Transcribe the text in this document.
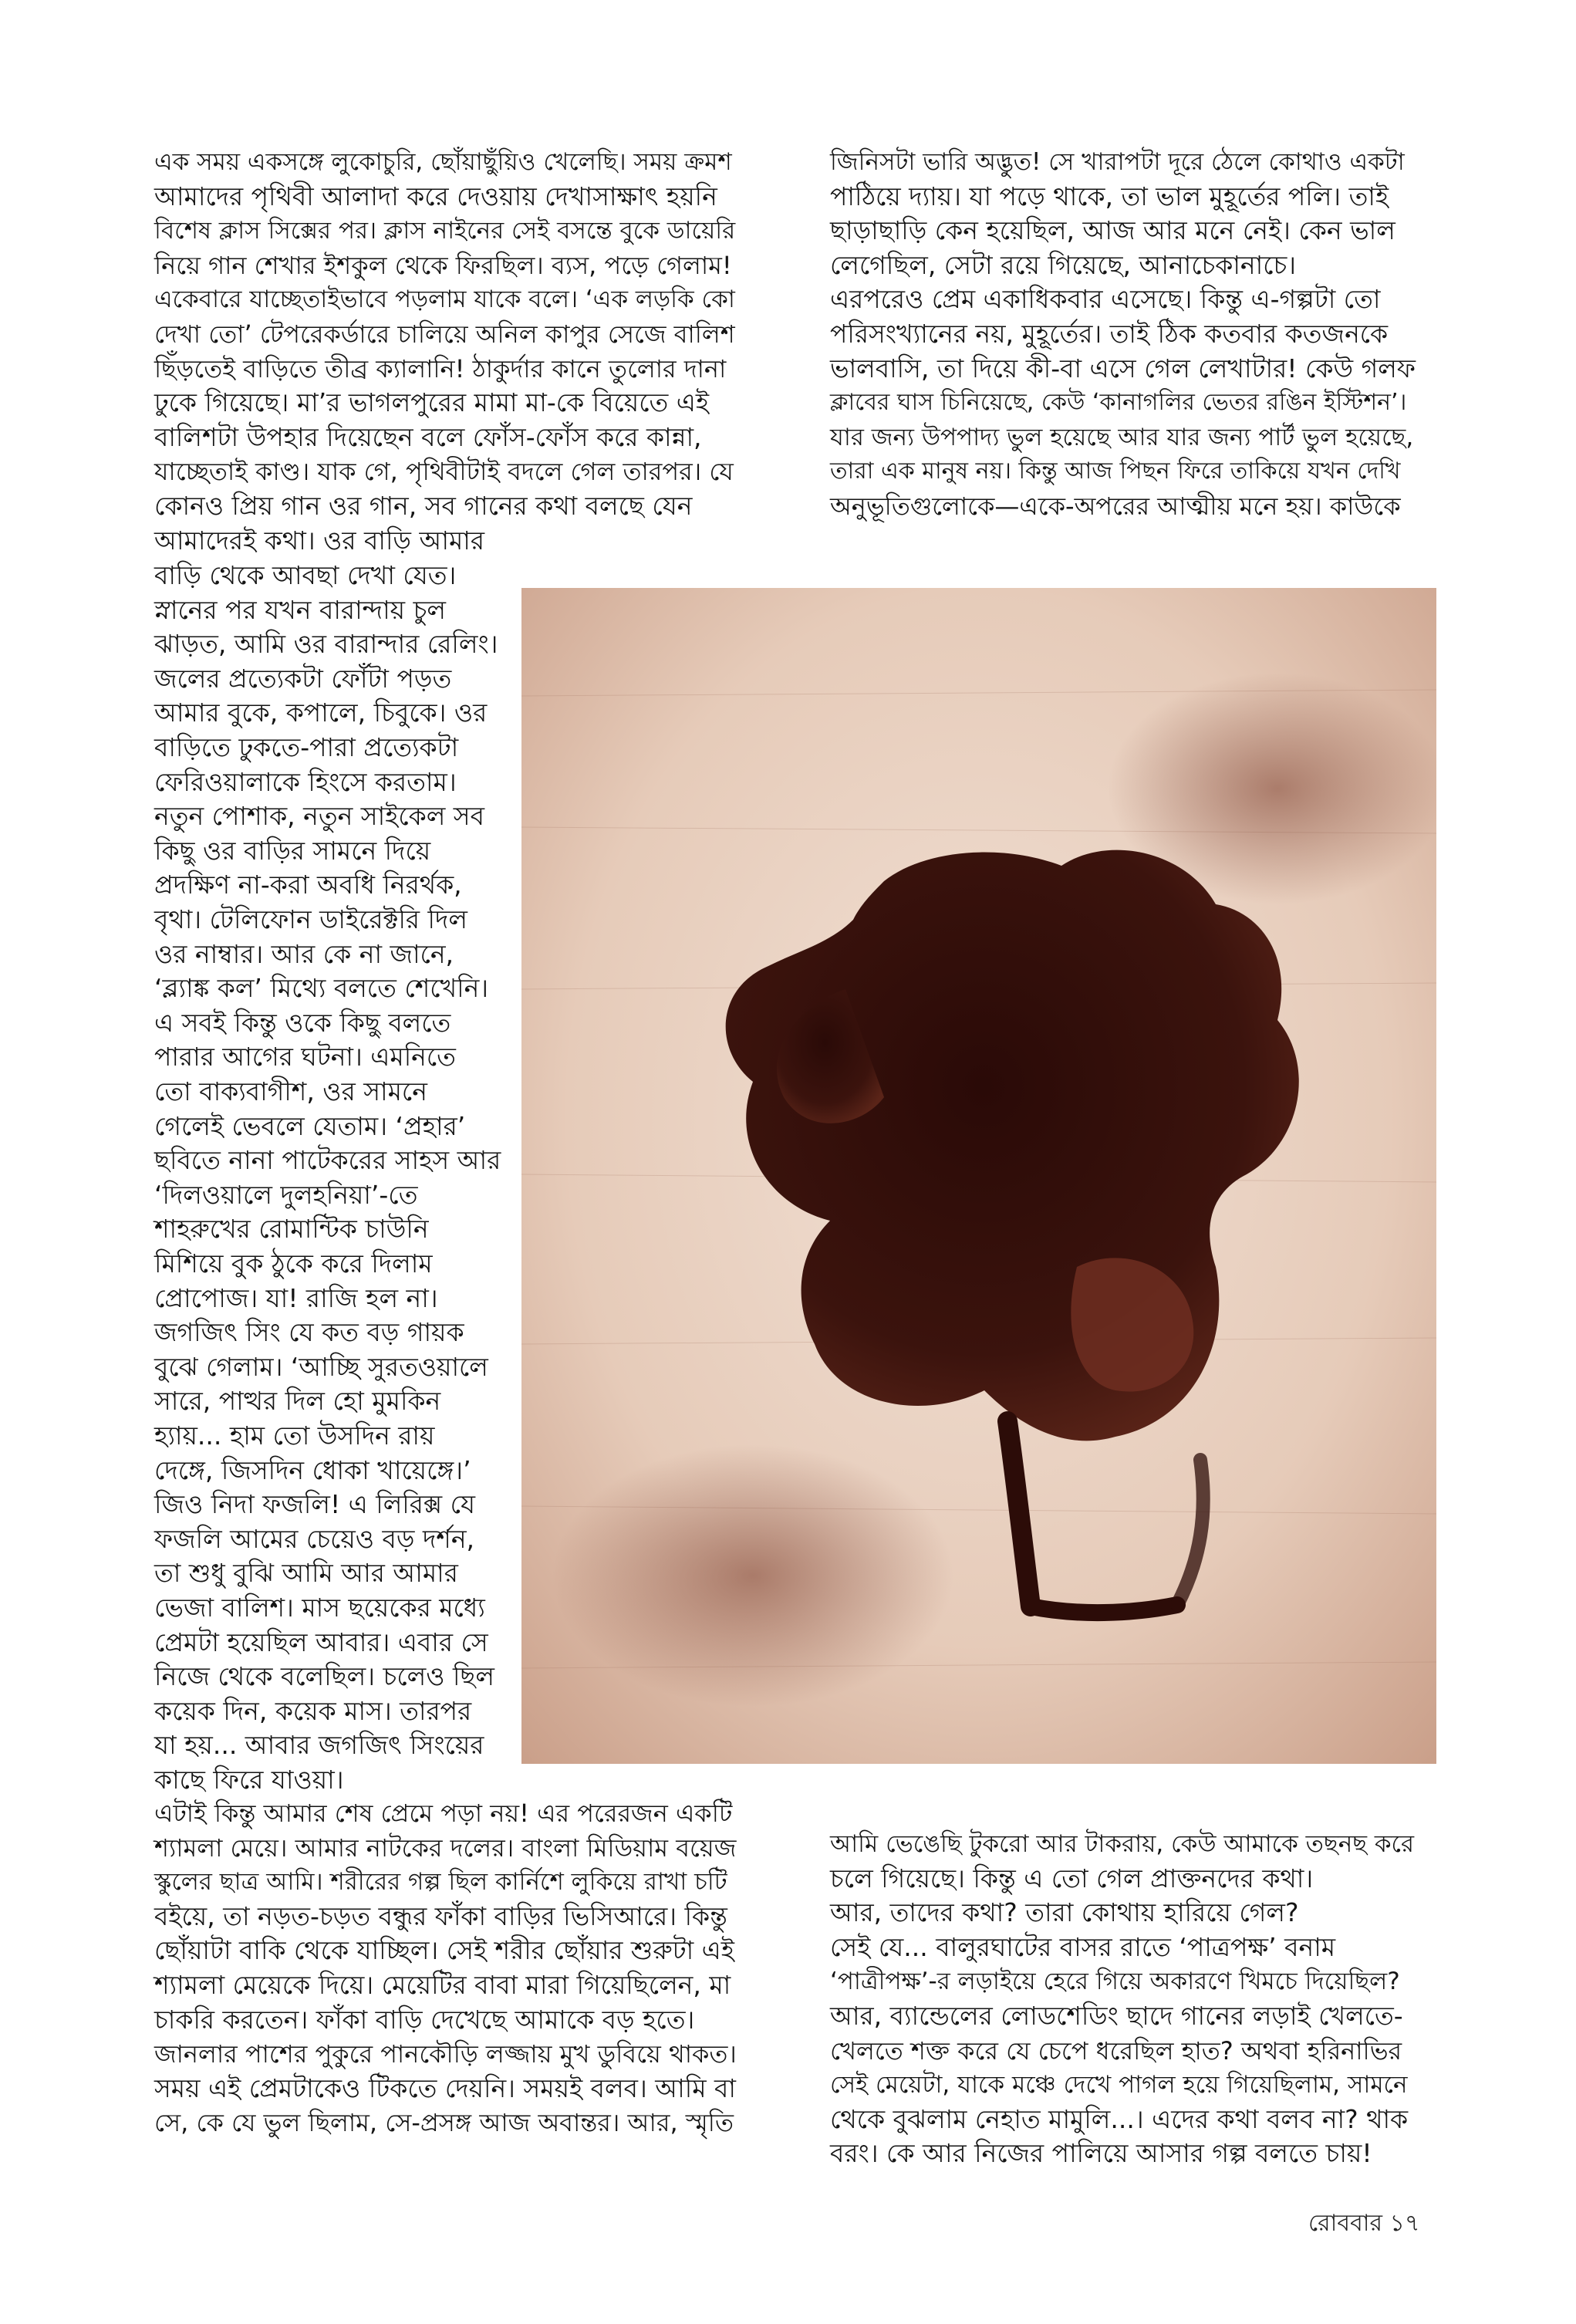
এক সময় একসঙ্গে লুকোচুরি, ছোঁয়াছুঁয়িও খেলেছি। সময় ক্রমশ

আমাদের পৃথিবী আলাদা করে দেওয়ায় দেখাসাক্ষাৎ হয়নি

বিশেষ ক্লাস সিক্সের পর। ক্লাস নাইনের সেই বসন্তে বুকে ডায়েরি

নিয়ে গান শেখার ইশকুল থেকে ফিরছিল। ব্যস, পড়ে গেলাম!

একেবারে যাচ্ছেতাইভাবে পড়লাম যাকে বলে। ‘এক লড়কি কো

দেখা তো’ টেপরেকর্ডারে চালিয়ে অনিল কাপুর সেজে বালিশ

ছিঁড়তেই বাড়িতে তীব্র ক্যালানি! ঠাকুর্দার কানে তুলোর দানা

ঢুকে গিয়েছে। মা’র ভাগলপুরের মামা মা-কে বিয়েতে এই

বালিশটা উপহার দিয়েছেন বলে ফোঁস-ফোঁস করে কান্না,

যাচ্ছেতাই কাণ্ড। যাক গে, পৃথিবীটাই বদলে গেল তারপর। যে

কোনও প্রিয় গান ওর গান, সব গানের কথা বলছে যেন

আমাদেরই কথা। ওর বাড়ি আমার

বাড়ি থেকে আবছা দেখা যেত।

স্নানের পর যখন বারান্দায় চুল

ঝাড়ত, আমি ওর বারান্দার রেলিং।

জলের প্রত্যেকটা ফোঁটা পড়ত

আমার বুকে, কপালে, চিবুকে। ওর

বাড়িতে ঢুকতে-পারা প্রত্যেকটা

ফেরিওয়ালাকে হিংসে করতাম।

নতুন পোশাক, নতুন সাইকেল সব

কিছু ওর বাড়ির সামনে দিয়ে

প্রদক্ষিণ না-করা অবধি নিরর্থক,

বৃথা। টেলিফোন ডাইরেক্টরি দিল

ওর নাম্বার। আর কে না জানে,

‘ব্ল্যাঙ্ক কল’ মিথ্যে বলতে শেখেনি।

এ সবই কিন্তু ওকে কিছু বলতে

পারার আগের ঘটনা। এমনিতে

তো বাক্যবাগীশ, ওর সামনে

গেলেই ভেবলে যেতাম। ‘প্রহার’

ছবিতে নানা পাটেকরের সাহস আর

‘দিলওয়ালে দুলহনিয়া’-তে

শাহরুখের রোমান্টিক চাউনি

মিশিয়ে বুক ঠুকে করে দিলাম

প্রোপোজ। যা! রাজি হল না।

জগজিৎ সিং যে কত বড় গায়ক

বুঝে গেলাম। ‘আচ্ছি সুরতওয়ালে

সারে, পাত্থর দিল হো মুমকিন

হ্যায়... হাম তো উসদিন রায়

দেঙ্গে, জিসদিন ধোকা খায়েঙ্গে।’

জিও নিদা ফজলি! এ লিরিক্স যে

ফজলি আমের চেয়েও বড় দর্শন,

তা শুধু বুঝি আমি আর আমার

ভেজা বালিশ। মাস ছয়েকের মধ্যে

প্রেমটা হয়েছিল আবার। এবার সে

নিজে থেকে বলেছিল। চলেও ছিল

কয়েক দিন, কয়েক মাস। তারপর

যা হয়... আবার জগজিৎ সিংয়ের

কাছে ফিরে যাওয়া।

এটাই কিন্তু আমার শেষ প্রেমে পড়া নয়! এর পরেরজন একটি

শ্যামলা মেয়ে। আমার নাটকের দলের। বাংলা মিডিয়াম বয়েজ

স্কুলের ছাত্র আমি। শরীরের গল্প ছিল কার্নিশে লুকিয়ে রাখা চটি

বইয়ে, তা নড়ত-চড়ত বন্ধুর ফাঁকা বাড়ির ভিসিআরে। কিন্তু

ছোঁয়াটা বাকি থেকে যাচ্ছিল। সেই শরীর ছোঁয়ার শুরুটা এই

শ্যামলা মেয়েকে দিয়ে। মেয়েটির বাবা মারা গিয়েছিলেন, মা

চাকরি করতেন। ফাঁকা বাড়ি দেখেছে আমাকে বড় হতে।

জানলার পাশের পুকুরে পানকৌড়ি লজ্জায় মুখ ডুবিয়ে থাকত।

সময় এই প্রেমটাকেও টিকতে দেয়নি। সময়ই বলব। আমি বা

সে, কে যে ভুল ছিলাম, সে-প্রসঙ্গ আজ অবান্তর। আর, স্মৃতি

জিনিসটা ভারি অদ্ভুত! সে খারাপটা দূরে ঠেলে কোথাও একটা

পাঠিয়ে দ্যায়। যা পড়ে থাকে, তা ভাল মুহূর্তের পলি। তাই

ছাড়াছাড়ি কেন হয়েছিল, আজ আর মনে নেই। কেন ভাল

লেগেছিল, সেটা রয়ে গিয়েছে, আনাচেকানাচে।

এরপরেও প্রেম একাধিকবার এসেছে। কিন্তু এ-গল্পটা তো

পরিসংখ্যানের নয়, মুহূর্তের। তাই ঠিক কতবার কতজনকে

ভালবাসি, তা দিয়ে কী-বা এসে গেল লেখাটার! কেউ গলফ

ক্লাবের ঘাস চিনিয়েছে, কেউ ‘কানাগলির ভেতর রঙিন ইস্টিশন’।

যার জন্য উপপাদ্য ভুল হয়েছে আর যার জন্য পার্ট ভুল হয়েছে,

তারা এক মানুষ নয়। কিন্তু আজ পিছন ফিরে তাকিয়ে যখন দেখি

অনুভূতিগুলোকে—একে-অপরের আত্মীয় মনে হয়। কাউকে

আমি ভেঙেছি টুকরো আর টাকরায়, কেউ আমাকে তছনছ করে

চলে গিয়েছে। কিন্তু এ তো গেল প্রাক্তনদের কথা।

আর, তাদের কথা? তারা কোথায় হারিয়ে গেল?

সেই যে... বালুরঘাটের বাসর রাতে ‘পাত্রপক্ষ’ বনাম

‘পাত্রীপক্ষ’-র লড়াইয়ে হেরে গিয়ে অকারণে খিমচে দিয়েছিল?

আর, ব্যান্ডেলের লোডশেডিং ছাদে গানের লড়াই খেলতে-

খেলতে শক্ত করে যে চেপে ধরেছিল হাত? অথবা হরিনাভির

সেই মেয়েটা, যাকে মঞ্চে দেখে পাগল হয়ে গিয়েছিলাম, সামনে

থেকে বুঝলাম নেহাত মামুলি...। এদের কথা বলব না? থাক

বরং। কে আর নিজের পালিয়ে আসার গল্প বলতে চায়!

রোববার ১৭
